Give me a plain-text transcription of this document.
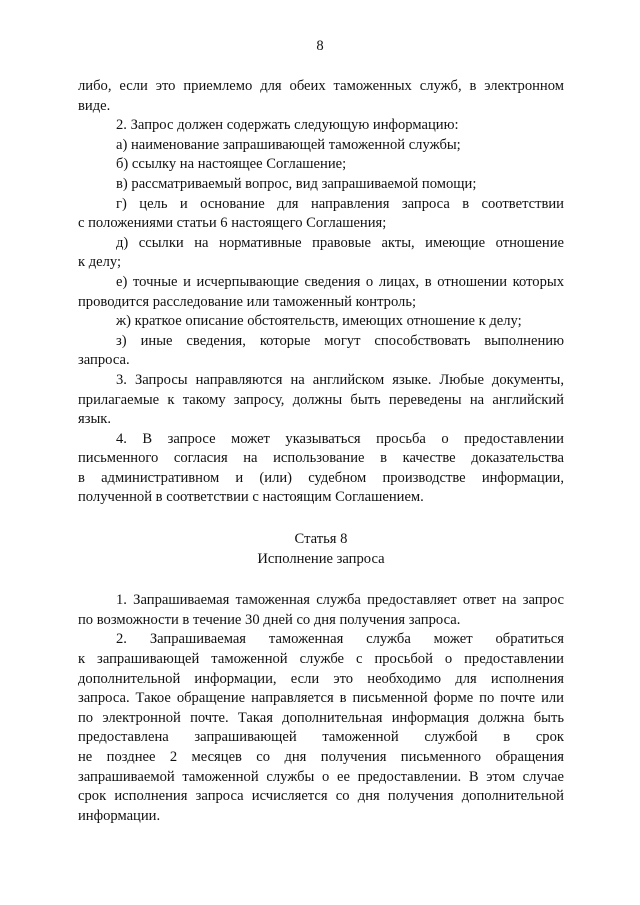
8
либо, если это приемлемо для обеих таможенных служб, в электронном
виде.
2. Запрос должен содержать следующую информацию:
а) наименование запрашивающей таможенной службы;
б) ссылку на настоящее Соглашение;
в) рассматриваемый вопрос, вид запрашиваемой помощи;
г) цель и основание для направления запроса в соответствии
с положениями статьи 6 настоящего Соглашения;
д) ссылки на нормативные правовые акты, имеющие отношение
к делу;
е) точные и исчерпывающие сведения о лицах, в отношении которых
проводится расследование или таможенный контроль;
ж) краткое описание обстоятельств, имеющих отношение к делу;
з) иные сведения, которые могут способствовать выполнению
запроса.
3. Запросы направляются на английском языке. Любые документы,
прилагаемые к такому запросу, должны быть переведены на английский
язык.
4. В запросе может указываться просьба о предоставлении
письменного согласия на использование в качестве доказательства
в административном и (или) судебном производстве информации,
полученной в соответствии с настоящим Соглашением.
Статья 8
Исполнение запроса
1. Запрашиваемая таможенная служба предоставляет ответ на запрос
по возможности в течение 30 дней со дня получения запроса.
2. Запрашиваемая таможенная служба может обратиться
к запрашивающей таможенной службе с просьбой о предоставлении
дополнительной информации, если это необходимо для исполнения
запроса. Такое обращение направляется в письменной форме по почте или
по электронной почте. Такая дополнительная информация должна быть
предоставлена запрашивающей таможенной службой в срок
не позднее 2 месяцев со дня получения письменного обращения
запрашиваемой таможенной службы о ее предоставлении. В этом случае
срок исполнения запроса исчисляется со дня получения дополнительной
информации.
